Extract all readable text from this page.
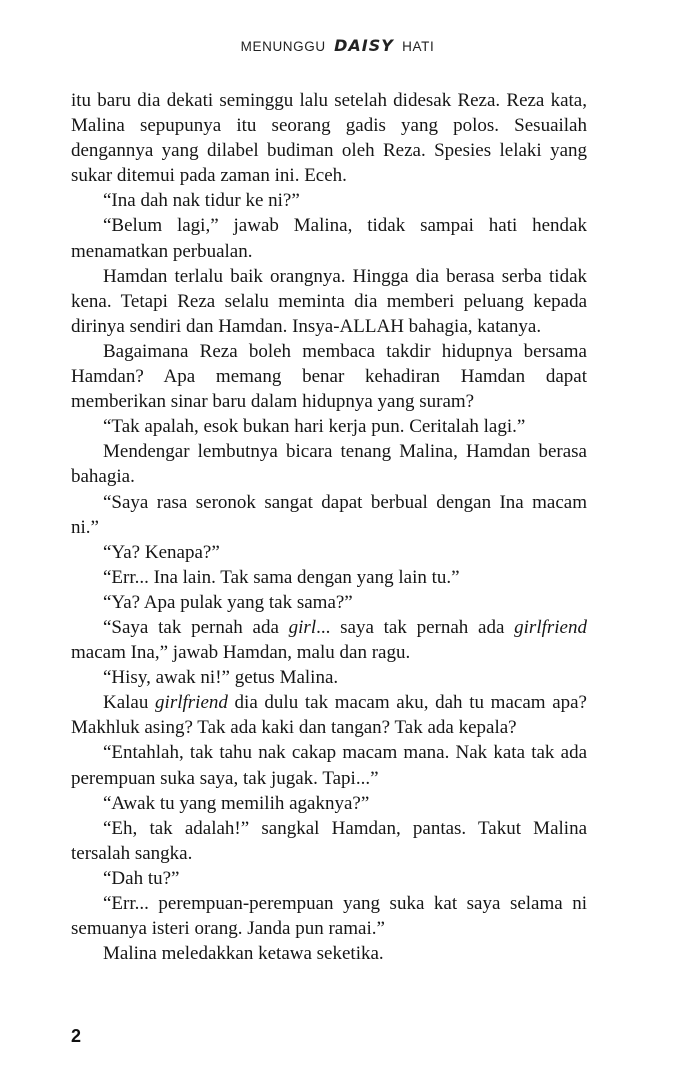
MENUNGGU DAISY HATI

itu baru dia dekati seminggu lalu setelah didesak Reza. Reza kata, Malina sepupunya itu seorang gadis yang polos. Sesuailah dengannya yang dilabel budiman oleh Reza. Spesies lelaki yang sukar ditemui pada zaman ini. Eceh.

“Ina dah nak tidur ke ni?”

“Belum lagi,” jawab Malina, tidak sampai hati hendak menamatkan perbualan.

Hamdan terlalu baik orangnya. Hingga dia berasa serba tidak kena. Tetapi Reza selalu meminta dia memberi peluang kepada dirinya sendiri dan Hamdan. Insya-ALLAH bahagia, katanya.

Bagaimana Reza boleh membaca takdir hidupnya bersama Hamdan? Apa memang benar kehadiran Hamdan dapat memberikan sinar baru dalam hidupnya yang suram?

“Tak apalah, esok bukan hari kerja pun. Ceritalah lagi.”

Mendengar lembutnya bicara tenang Malina, Hamdan berasa bahagia.

“Saya rasa seronok sangat dapat berbual dengan Ina macam ni.”

“Ya? Kenapa?”

“Err... Ina lain. Tak sama dengan yang lain tu.”

“Ya? Apa pulak yang tak sama?”

“Saya tak pernah ada girl... saya tak pernah ada girlfriend macam Ina,” jawab Hamdan, malu dan ragu.

“Hisy, awak ni!” getus Malina.

Kalau girlfriend dia dulu tak macam aku, dah tu macam apa? Makhluk asing? Tak ada kaki dan tangan? Tak ada kepala?

“Entahlah, tak tahu nak cakap macam mana. Nak kata tak ada perempuan suka saya, tak jugak. Tapi...”

“Awak tu yang memilih agaknya?”

“Eh, tak adalah!” sangkal Hamdan, pantas. Takut Malina tersalah sangka.

“Dah tu?”

“Err... perempuan-perempuan yang suka kat saya selama ni semuanya isteri orang. Janda pun ramai.”

Malina meledakkan ketawa seketika.

2
